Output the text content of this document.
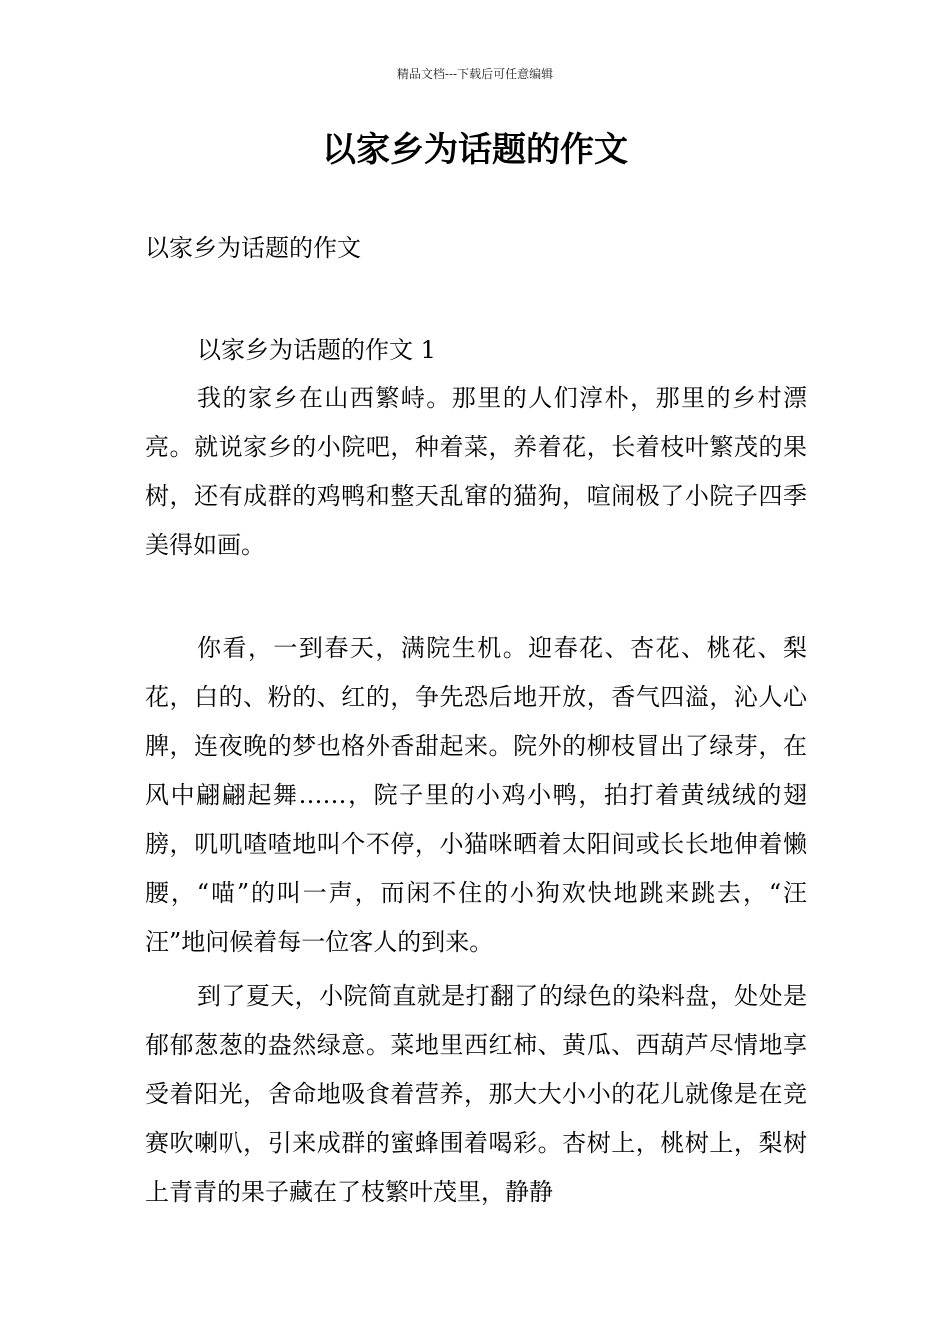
精品文档---下载后可任意编辑
以家乡为话题的作文

以家乡为话题的作文

以家乡为话题的作文 1

我的家乡在山西繁峙。那里的人们淳朴，那里的乡村漂亮。就说家乡的小院吧，种着菜，养着花，长着枝叶繁茂的果树，还有成群的鸡鸭和整天乱窜的猫狗，喧闹极了小院子四季美得如画。

你看，一到春天，满院生机。迎春花、杏花、桃花、梨花，白的、粉的、红的，争先恐后地开放，香气四溢，沁人心脾，连夜晚的梦也格外香甜起来。院外的柳枝冒出了绿芽，在风中翩翩起舞……，院子里的小鸡小鸭，拍打着黄绒绒的翅膀，叽叽喳喳地叫个不停，小猫咪晒着太阳间或长长地伸着懒腰，“喵”的叫一声，而闲不住的小狗欢快地跳来跳去，“汪汪”地问候着每一位客人的到来。

到了夏天，小院简直就是打翻了的绿色的染料盘，处处是郁郁葱葱的盎然绿意。菜地里西红柿、黄瓜、西葫芦尽情地享受着阳光，舍命地吸食着营养，那大大小小的花儿就像是在竞赛吹喇叭，引来成群的蜜蜂围着喝彩。杏树上，桃树上，梨树上青青的果子藏在了枝繁叶茂里，静静
